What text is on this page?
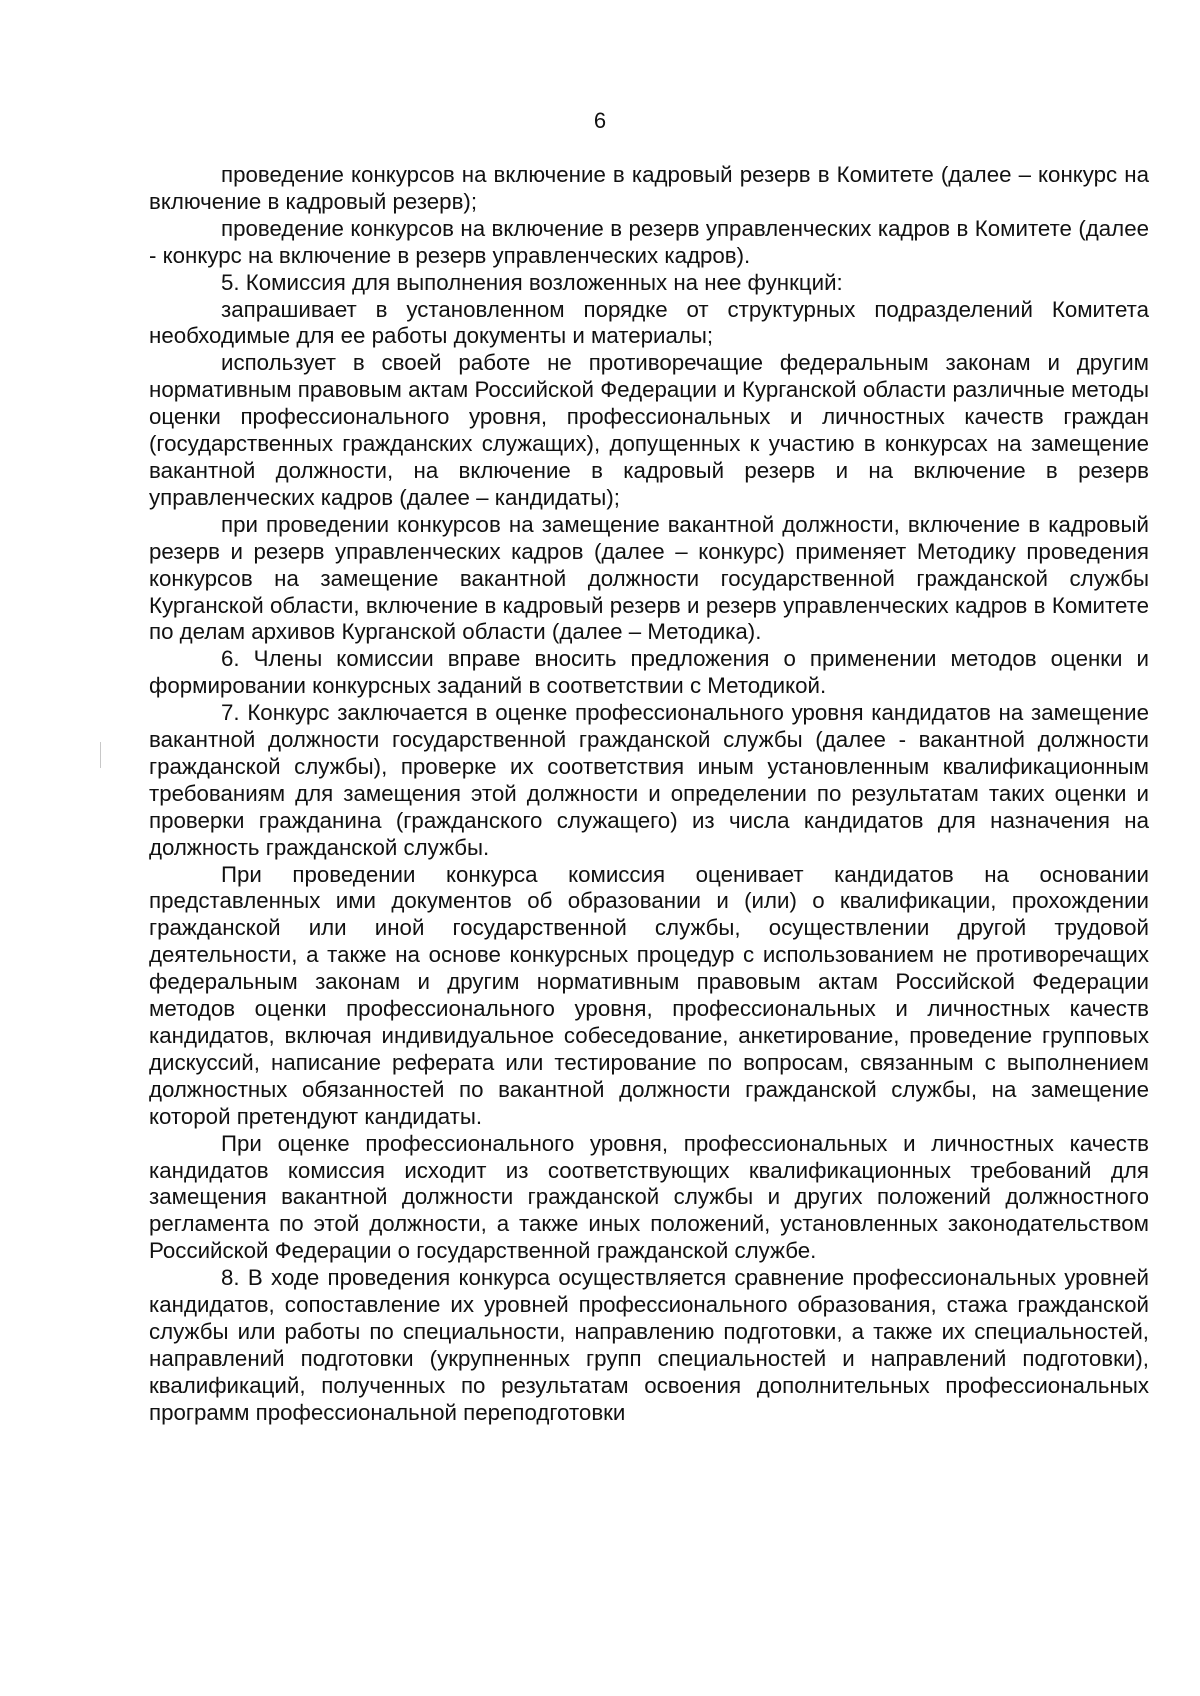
6

проведение конкурсов на включение в кадровый резерв в Комитете (далее – конкурс на включение в кадровый резерв);

проведение конкурсов на включение в резерв управленческих кадров в Комитете (далее - конкурс на включение в резерв управленческих кадров).

5. Комиссия для выполнения возложенных на нее функций:

запрашивает в установленном порядке от структурных подразделений Комитета необходимые для ее работы документы и материалы;

использует в своей работе не противоречащие федеральным законам и другим нормативным правовым актам Российской Федерации и Курганской области различные методы оценки профессионального уровня, профессиональных и личностных качеств граждан (государственных гражданских служащих), допущенных к участию в конкурсах на замещение вакантной должности, на включение в кадровый резерв и на включение в резерв управленческих кадров (далее – кандидаты);

при проведении конкурсов на замещение вакантной должности, включение в кадровый резерв и резерв управленческих кадров (далее – конкурс) применяет Методику проведения конкурсов на замещение вакантной должности государственной гражданской службы Курганской области, включение в кадровый резерв и резерв управленческих кадров в Комитете по делам архивов Курганской области (далее – Методика).

6. Члены комиссии вправе вносить предложения о применении методов оценки и формировании конкурсных заданий в соответствии с Методикой.

7. Конкурс заключается в оценке профессионального уровня кандидатов на замещение вакантной должности государственной гражданской службы (далее - вакантной должности гражданской службы), проверке их соответствия иным установленным квалификационным требованиям для замещения этой должности и определении по результатам таких оценки и проверки гражданина (гражданского служащего) из числа кандидатов для назначения на должность гражданской службы.

При проведении конкурса комиссия оценивает кандидатов на основании представленных ими документов об образовании и (или) о квалификации, прохождении гражданской или иной государственной службы, осуществлении другой трудовой деятельности, а также на основе конкурсных процедур с использованием не противоречащих федеральным законам и другим нормативным правовым актам Российской Федерации методов оценки профессионального уровня, профессиональных и личностных качеств кандидатов, включая индивидуальное собеседование, анкетирование, проведение групповых дискуссий, написание реферата или тестирование по вопросам, связанным с выполнением должностных обязанностей по вакантной должности гражданской службы, на замещение которой претендуют кандидаты.

При оценке профессионального уровня, профессиональных и личностных качеств кандидатов комиссия исходит из соответствующих квалификационных требований для замещения вакантной должности гражданской службы и других положений должностного регламента по этой должности, а также иных положений, установленных законодательством Российской Федерации о государственной гражданской службе.

8. В ходе проведения конкурса осуществляется сравнение профессиональных уровней кандидатов, сопоставление их уровней профессионального образования, стажа гражданской службы или работы по специальности, направлению подготовки, а также их специальностей, направлений подготовки (укрупненных групп специальностей и направлений подготовки), квалификаций, полученных по результатам освоения дополнительных профессиональных программ профессиональной переподготовки
